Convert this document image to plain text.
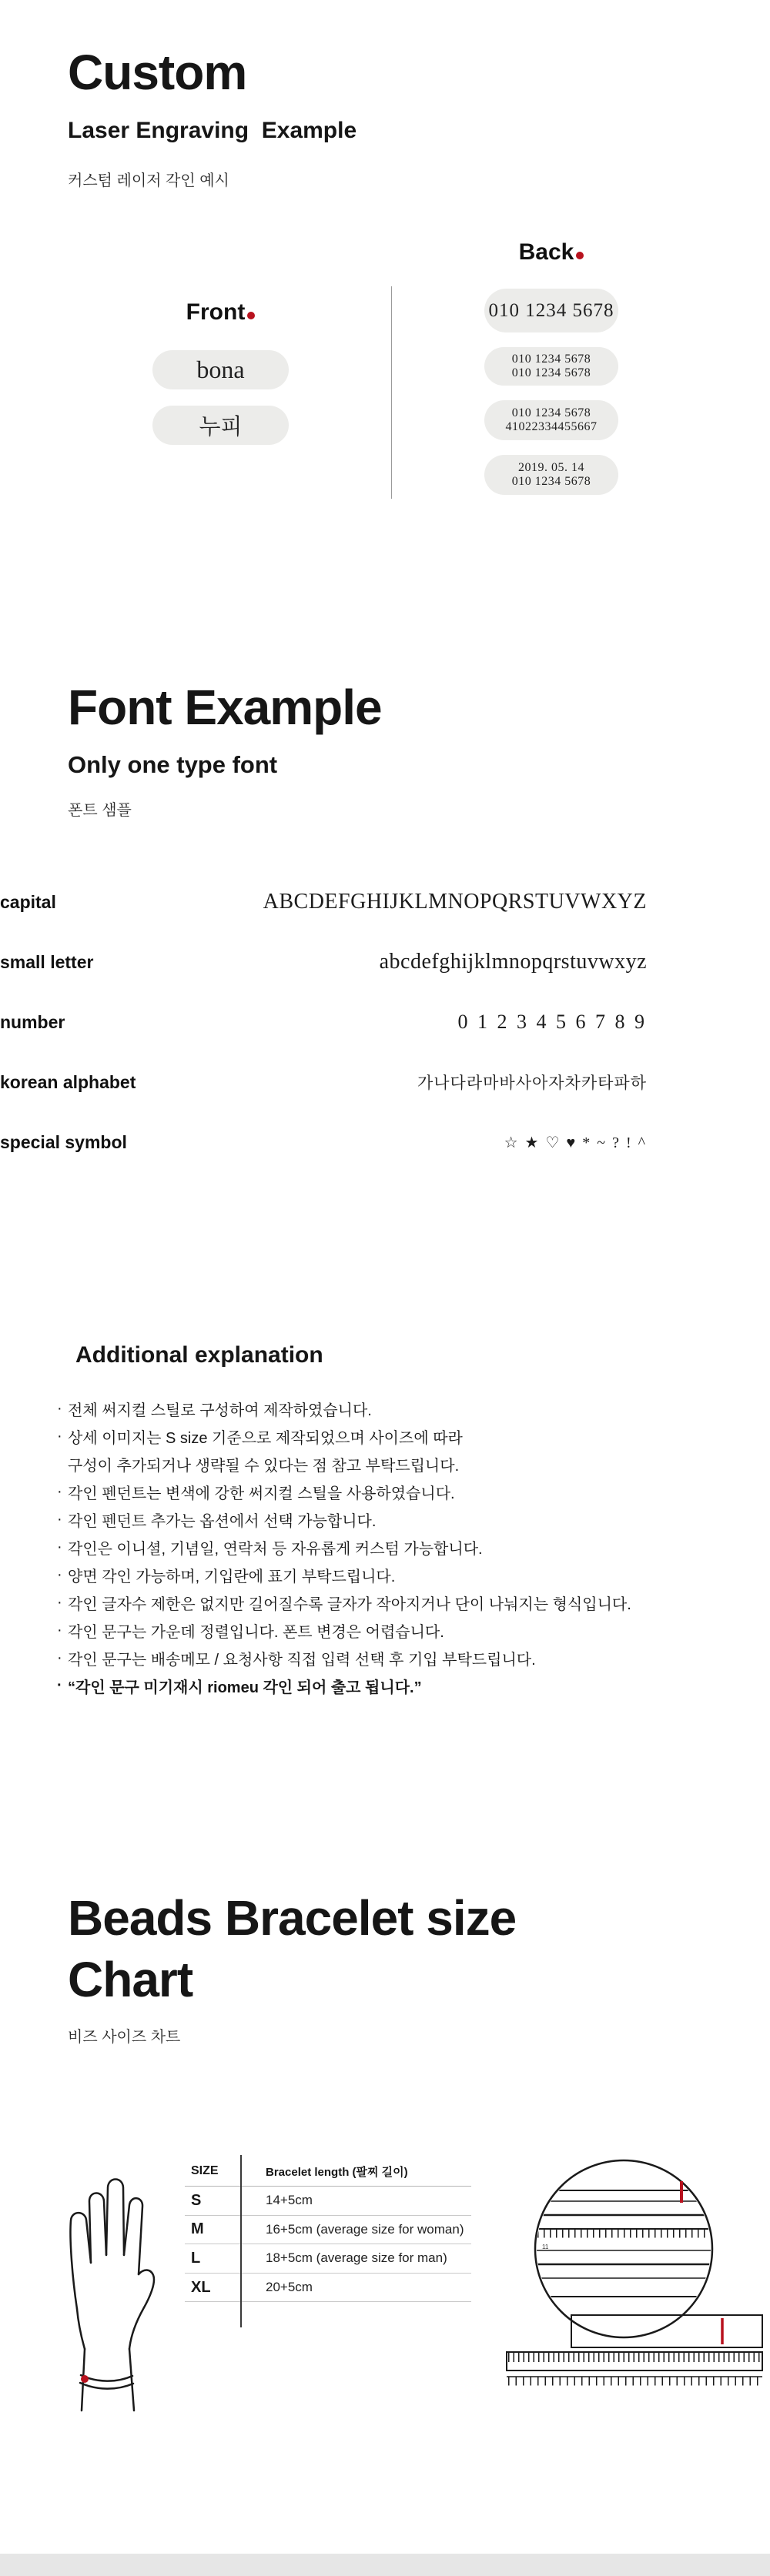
Custom
Laser Engraving  Example

커스텀 레이저 각인 예시

Front
bona
누피
Back
010 1234 5678
010 1234 5678
010 1234 5678
010 1234 5678
41022334455667
2019. 05. 14
010 1234 5678
Font Example
Only one type font

폰트 샘플

capital	ABCDEFGHIJKLMNOPQRSTUVWXYZ
small letter	abcdefghijklmnopqrstuvwxyz
number	0 1 2 3 4 5 6 7 8 9
korean alphabet	가나다라마바사아자차카타파하
special symbol	☆ ★ ♡ ♥ * ~ ? ! ^
Additional explanation
· 전체 써지컬 스틸로 구성하여 제작하였습니다.
· 상세 이미지는 S size 기준으로 제작되었으며 사이즈에 따라
구성이 추가되거나 생략될 수 있다는 점 참고 부탁드립니다.
· 각인 펜던트는 변색에 강한 써지컬 스틸을 사용하였습니다.
· 각인 펜던트 추가는 옵션에서 선택 가능합니다.
· 각인은 이니셜, 기념일, 연락처 등 자유롭게 커스텀 가능합니다.
· 양면 각인 가능하며, 기입란에 표기 부탁드립니다.
· 각인 글자수 제한은 없지만 길어질수록 글자가 작아지거나 단이 나눠지는 형식입니다.
· 각인 문구는 가운데 정렬입니다. 폰트 변경은 어렵습니다.
· 각인 문구는 배송메모 / 요청사항 직접 입력 선택 후 기입 부탁드립니다.
· “각인 문구 미기재시 riomeu 각인 되어 출고 됩니다.”
Beads Bracelet size
Chart

비즈 사이즈 차트

SIZE	Bracelet length (팔찌 길이)
S	14+5cm
M	16+5cm (average size for woman)
L	18+5cm (average size for man)
XL	20+5cm
11
